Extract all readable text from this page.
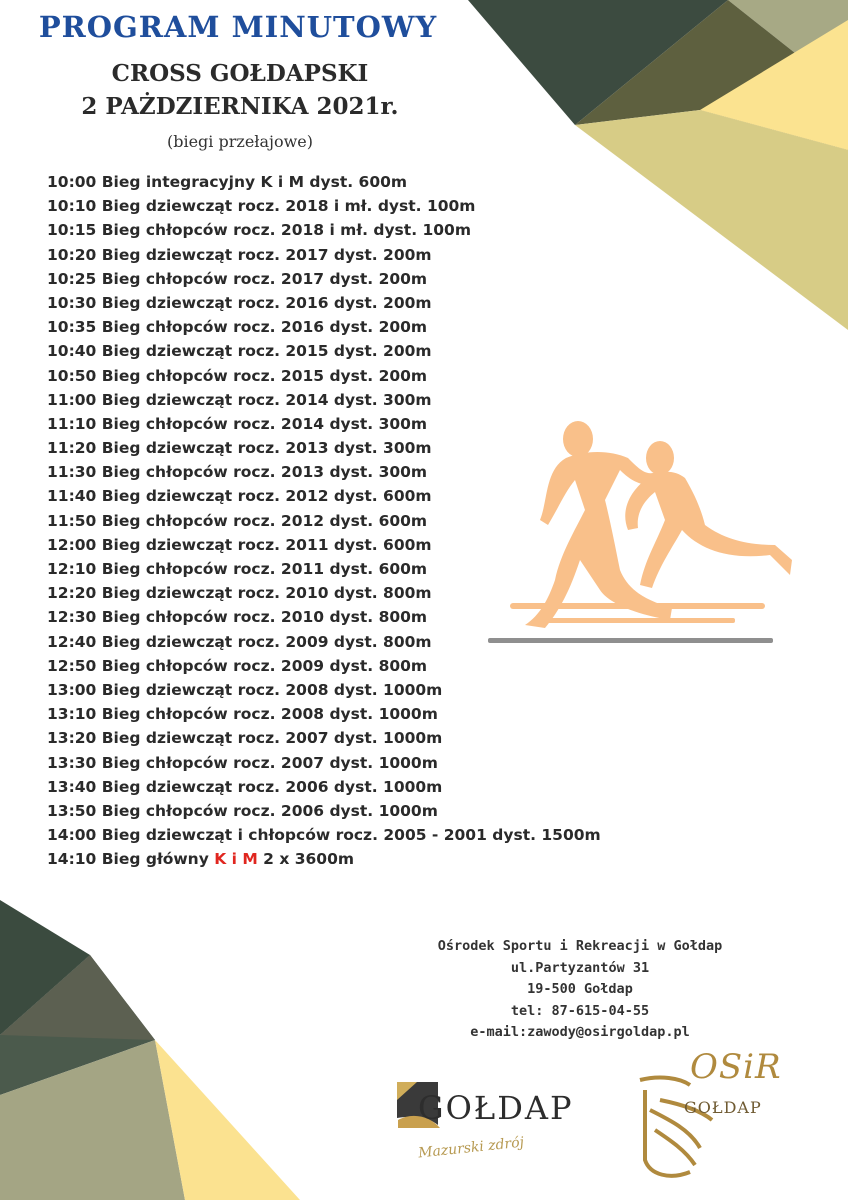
PROGRAM MINUTOWY
CROSS GOŁDAPSKI
2 PAŻDZIERNIKA 2021r.
(biegi przełajowe)
10:00 Bieg integracyjny K i M dyst. 600m
10:10 Bieg dziewcząt rocz. 2018 i mł. dyst. 100m
10:15 Bieg chłopców rocz. 2018 i mł. dyst. 100m
10:20 Bieg dziewcząt rocz. 2017 dyst. 200m
10:25 Bieg chłopców rocz. 2017 dyst. 200m
10:30 Bieg dziewcząt rocz. 2016 dyst. 200m
10:35 Bieg chłopców rocz. 2016 dyst. 200m
10:40 Bieg dziewcząt rocz. 2015 dyst. 200m
10:50 Bieg chłopców rocz. 2015 dyst. 200m
11:00 Bieg dziewcząt rocz. 2014 dyst. 300m
11:10 Bieg chłopców rocz. 2014 dyst. 300m
11:20 Bieg dziewcząt rocz. 2013 dyst. 300m
11:30 Bieg chłopców rocz. 2013 dyst. 300m
11:40 Bieg dziewcząt rocz. 2012 dyst. 600m
11:50 Bieg chłopców rocz. 2012 dyst. 600m
12:00 Bieg dziewcząt rocz. 2011 dyst. 600m
12:10 Bieg chłopców rocz. 2011 dyst. 600m
12:20 Bieg dziewcząt rocz. 2010 dyst. 800m
12:30 Bieg chłopców rocz. 2010 dyst. 800m
12:40 Bieg dziewcząt rocz. 2009 dyst. 800m
12:50 Bieg chłopców rocz. 2009 dyst. 800m
13:00 Bieg dziewcząt rocz. 2008 dyst. 1000m
13:10 Bieg chłopców rocz. 2008 dyst. 1000m
13:20 Bieg dziewcząt rocz. 2007 dyst. 1000m
13:30 Bieg chłopców rocz. 2007 dyst. 1000m
13:40 Bieg dziewcząt rocz. 2006 dyst. 1000m
13:50 Bieg chłopców rocz. 2006 dyst. 1000m
14:00 Bieg dziewcząt i chłopców rocz. 2005 - 2001 dyst. 1500m
14:10 Bieg główny K i M 2 x 3600m
Ośrodek Sportu i Rekreacji w Gołdap
ul.Partyzantów 31
19-500 Gołdap
tel: 87-615-04-55
e-mail:zawody@osirgoldap.pl
GOŁDAP
Mazurski zdrój
OSiR
GOŁDAP
